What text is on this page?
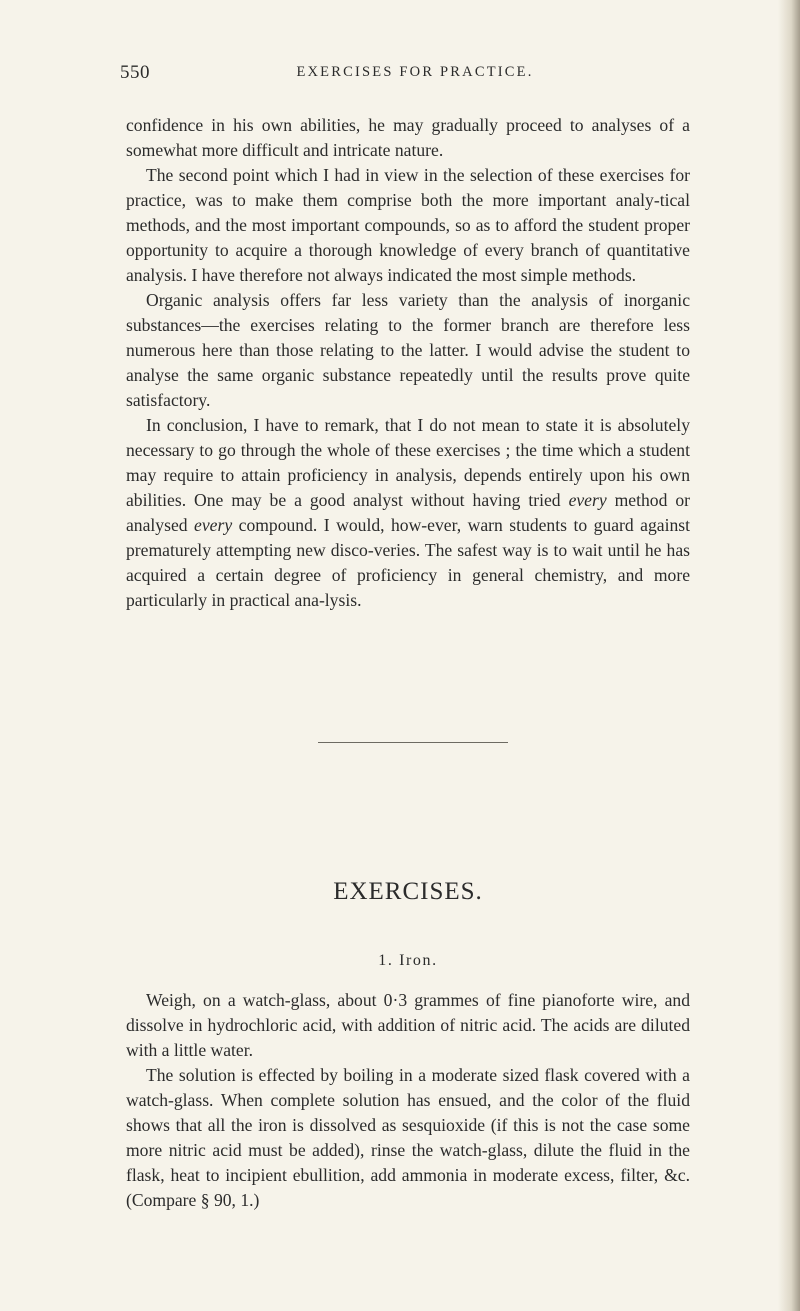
550	EXERCISES FOR PRACTICE.

confidence in his own abilities, he may gradually proceed to analyses of a somewhat more difficult and intricate nature.

The second point which I had in view in the selection of these exercises for practice, was to make them comprise both the more important analy-tical methods, and the most important compounds, so as to afford the student proper opportunity to acquire a thorough knowledge of every branch of quantitative analysis. I have therefore not always indicated the most simple methods.

Organic analysis offers far less variety than the analysis of inorganic substances—the exercises relating to the former branch are therefore less numerous here than those relating to the latter. I would advise the student to analyse the same organic substance repeatedly until the results prove quite satisfactory.

In conclusion, I have to remark, that I do not mean to state it is absolutely necessary to go through the whole of these exercises ; the time which a student may require to attain proficiency in analysis, depends entirely upon his own abilities. One may be a good analyst without having tried every method or analysed every compound. I would, how-ever, warn students to guard against prematurely attempting new disco-veries. The safest way is to wait until he has acquired a certain degree of proficiency in general chemistry, and more particularly in practical ana-lysis.

EXERCISES.
1. Iron.

Weigh, on a watch-glass, about 0·3 grammes of fine pianoforte wire, and dissolve in hydrochloric acid, with addition of nitric acid. The acids are diluted with a little water.

The solution is effected by boiling in a moderate sized flask covered with a watch-glass. When complete solution has ensued, and the color of the fluid shows that all the iron is dissolved as sesquioxide (if this is not the case some more nitric acid must be added), rinse the watch-glass, dilute the fluid in the flask, heat to incipient ebullition, add ammonia in moderate excess, filter, &c. (Compare § 90, 1.)
